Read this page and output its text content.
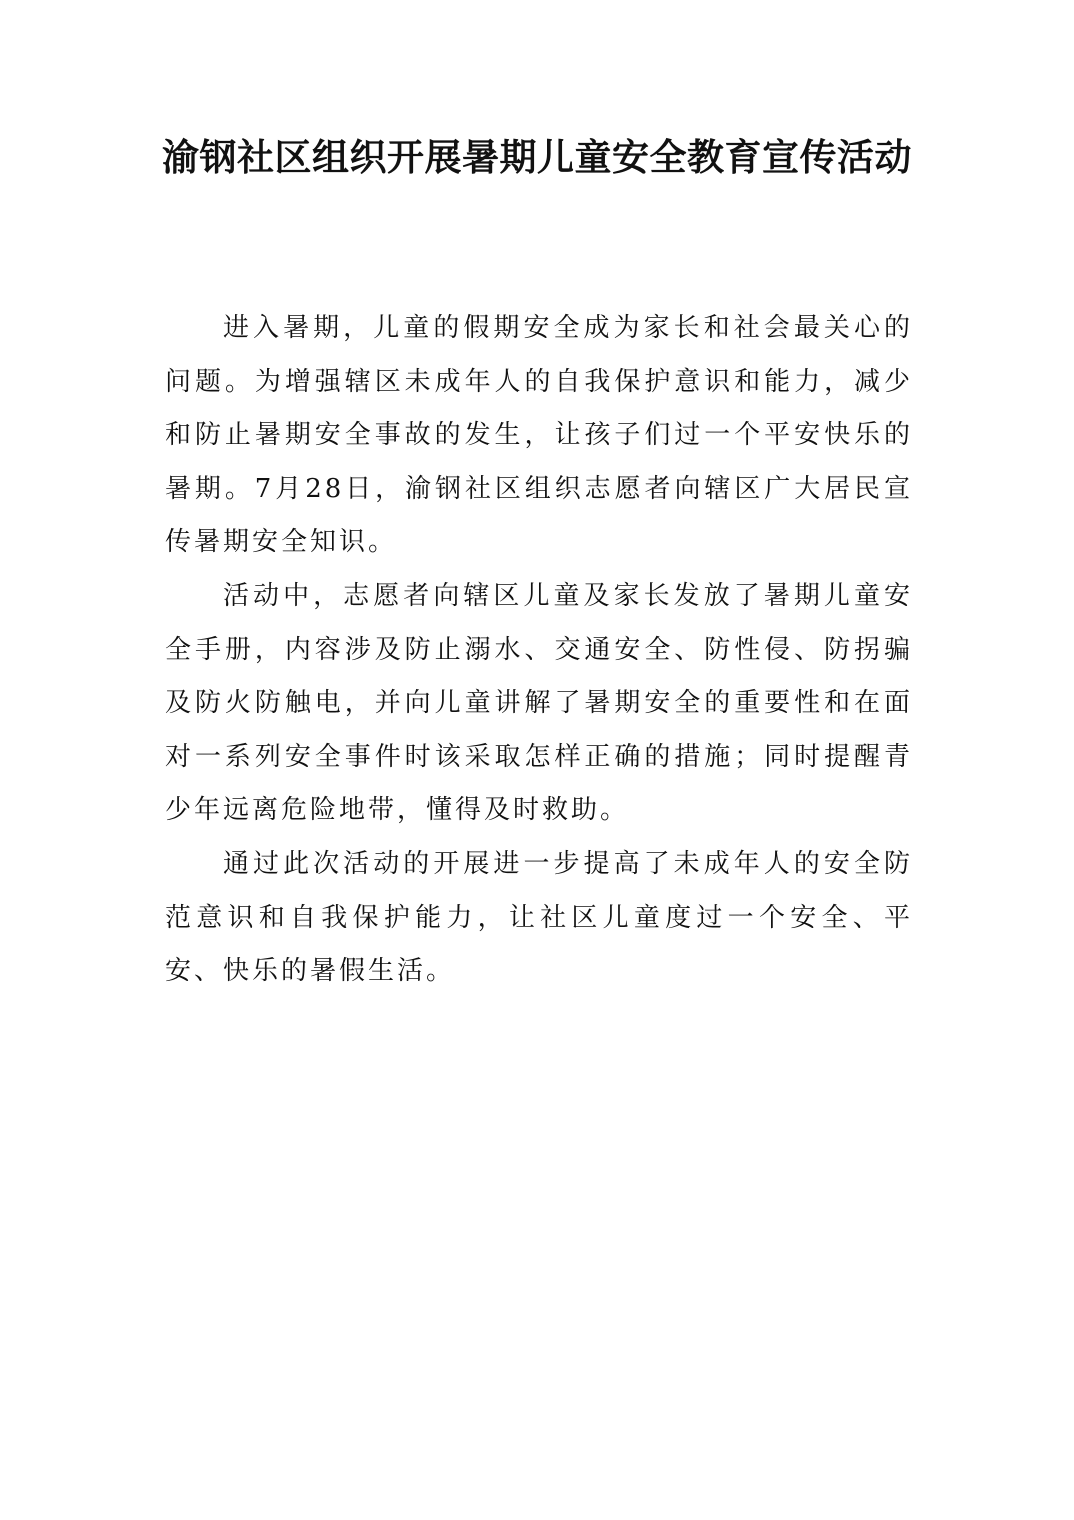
渝钢社区组织开展暑期儿童安全教育宣传活动

进入暑期，儿童的假期安全成为家长和社会最关心的问题。为增强辖区未成年人的自我保护意识和能力，减少和防止暑期安全事故的发生，让孩子们过一个平安快乐的暑期。7月28日，渝钢社区组织志愿者向辖区广大居民宣传暑期安全知识。

活动中，志愿者向辖区儿童及家长发放了暑期儿童安全手册，内容涉及防止溺水、交通安全、防性侵、防拐骗及防火防触电，并向儿童讲解了暑期安全的重要性和在面对一系列安全事件时该采取怎样正确的措施；同时提醒青少年远离危险地带，懂得及时救助。

通过此次活动的开展进一步提高了未成年人的安全防范意识和自我保护能力，让社区儿童度过一个安全、平安、快乐的暑假生活。
